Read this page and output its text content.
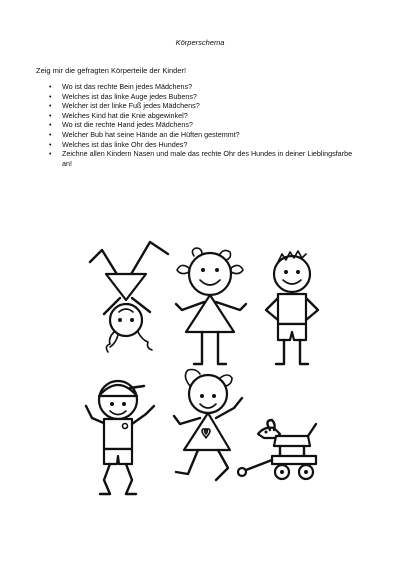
Körperschema
Zeig mir die gefragten Körperteile der Kinder!
• Wo ist das rechte Bein jedes Mädchens?
• Welches ist das linke Auge jedes Bubens?
• Welcher ist der linke Fuß jedes Mädchens?
• Welches Kind hat die Knie abgewinkel?
• Wo ist die rechte Hand jedes Mädchens?
• Welcher Bub hat seine Hände an die Hüften gestemmt?
• Welches ist das linke Ohr des Hundes?
• Zeichne allen Kindern Nasen und male das rechte Ohr des Hundes in deiner Lieblingsfarbe an!
